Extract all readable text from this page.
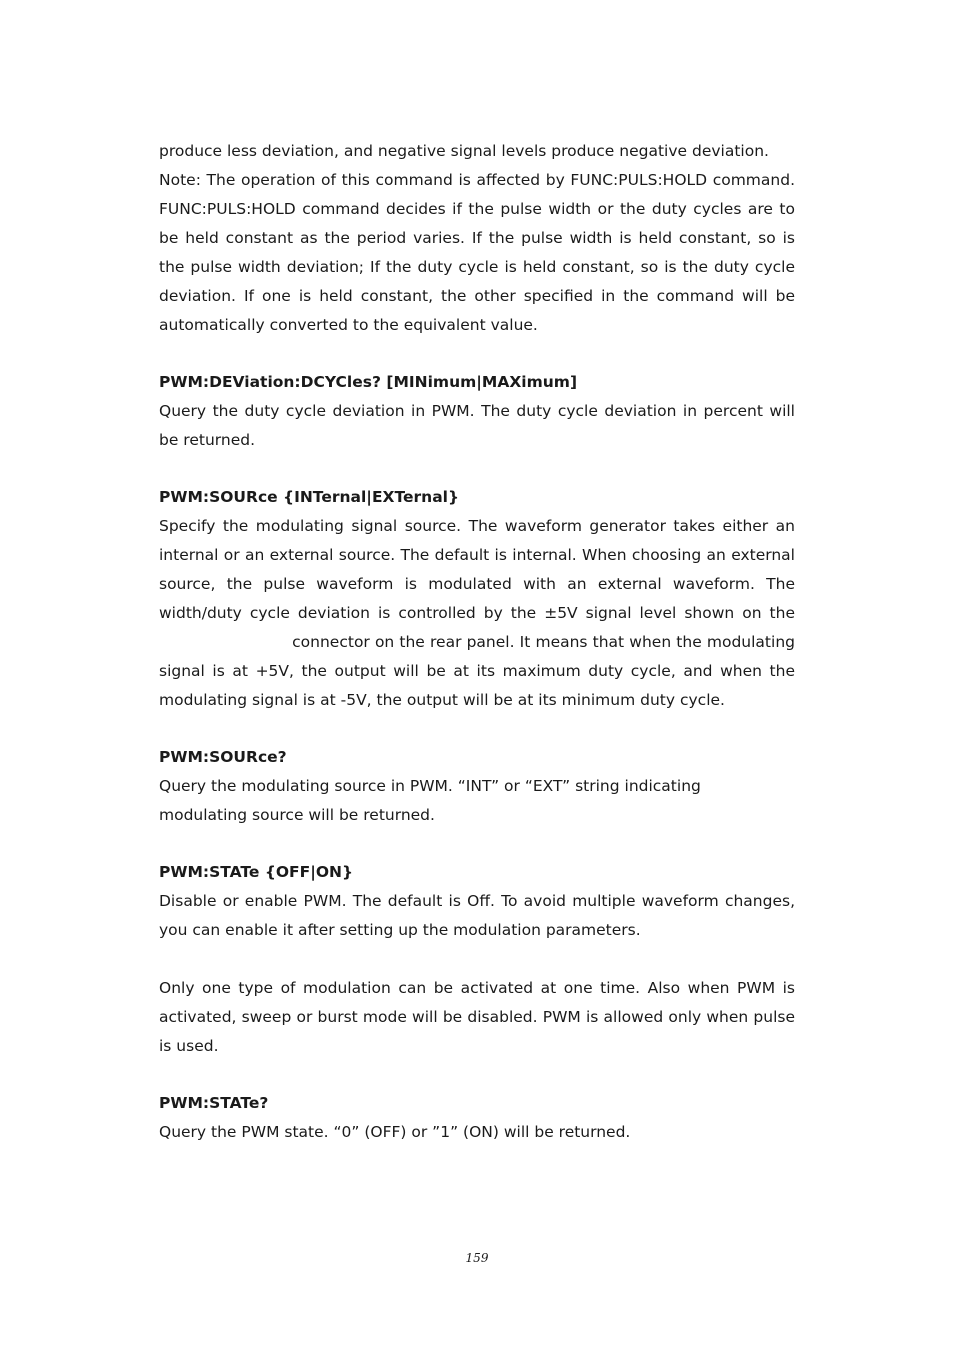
produce less deviation, and negative signal levels produce negative deviation.

Note: The operation of this command is affected by FUNC:PULS:HOLD command. FUNC:PULS:HOLD command decides if the pulse width or the duty cycles are to be held constant as the period varies. If the pulse width is held constant, so is the pulse width deviation; If the duty cycle is held constant, so is the duty cycle deviation. If one is held constant, the other specified in the command will be automatically converted to the equivalent value.

PWM:DEViation:DCYCles? [MINimum|MAXimum]

Query the duty cycle deviation in PWM. The duty cycle deviation in percent will be returned.

PWM:SOURce {INTernal|EXTernal}

Specify the modulating signal source. The waveform generator takes either an internal or an external source. The default is internal. When choosing an external source, the pulse waveform is modulated with an external waveform. The width/duty cycle deviation is controlled by the ±5V signal level shown on the  connector on the rear panel. It means that when the modulating signal is at +5V, the output will be at its maximum duty cycle, and when the modulating signal is at -5V, the output will be at its minimum duty cycle.

PWM:SOURce?

Query the modulating source in PWM. “INT” or “EXT” string indicating

modulating source will be returned.

PWM:STATe {OFF|ON}

Disable or enable PWM. The default is Off. To avoid multiple waveform changes, you can enable it after setting up the modulation parameters.

Only one type of modulation can be activated at one time. Also when PWM is activated, sweep or burst mode will be disabled. PWM is allowed only when pulse is used.

PWM:STATe?

Query the PWM state. “0” (OFF) or ”1” (ON) will be returned.

159
